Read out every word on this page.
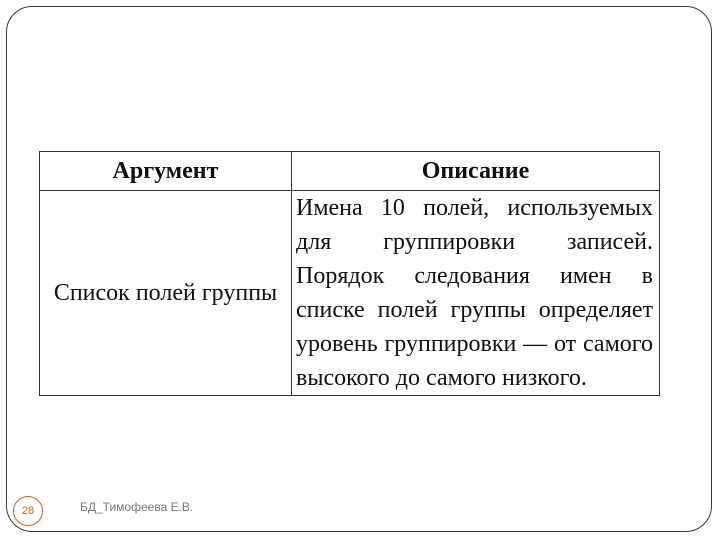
Аргумент	Описание
Список полей группы	Имена 10 полей, используемых для группировки записей. Порядок следования имен в списке полей группы определяет уровень группировки — от самого высокого до самого низкого.
28	БД_Тимофеева Е.В.
